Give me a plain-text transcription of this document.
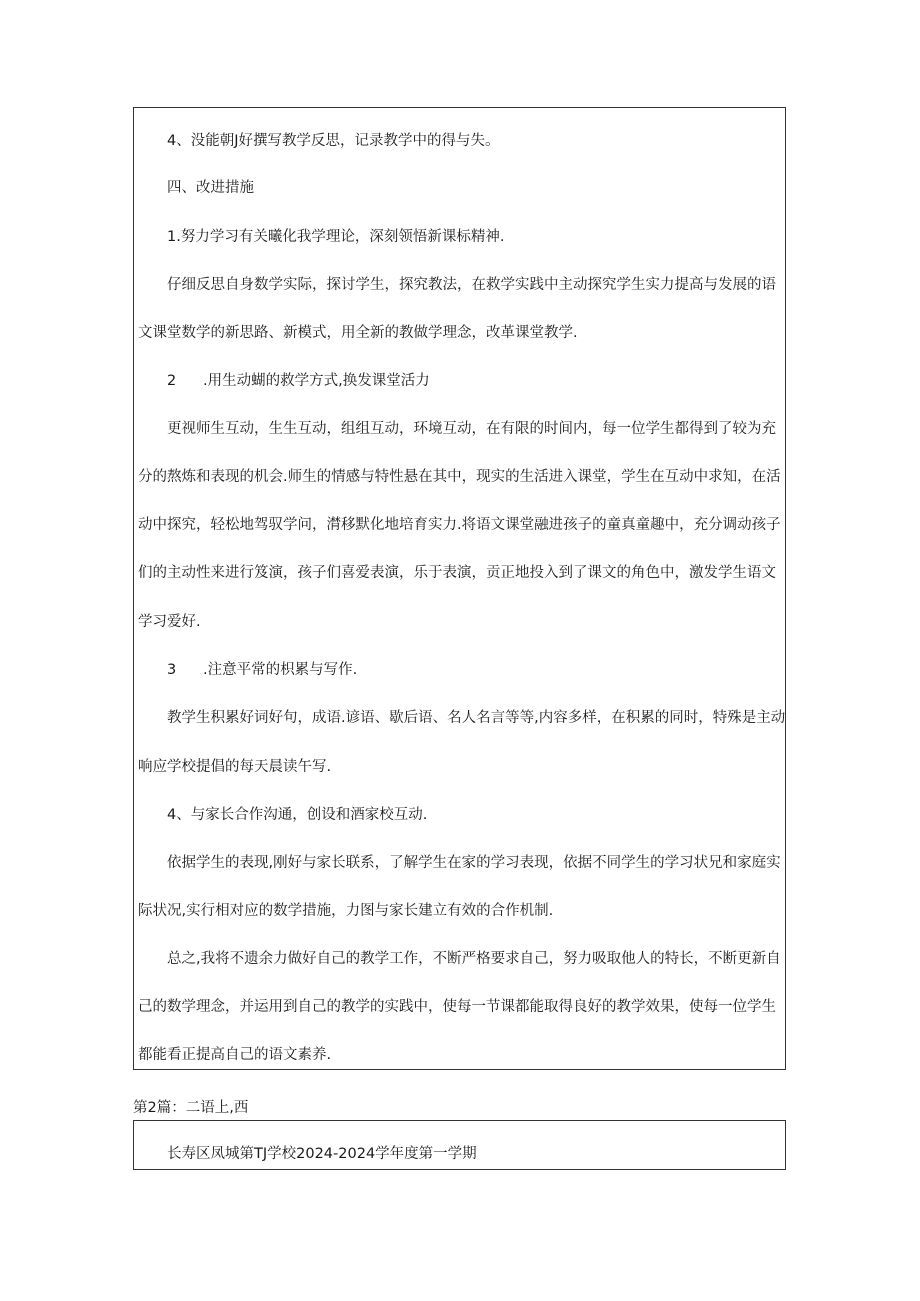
4、没能朝J好撰写教学反思，记录教学中的得与失。
四、改进措施
1.努力学习有关曦化我学理论，深刻领悟新课标精神.
仔细反思自身数学实际，探讨学生，探究教法，在救学实践中主动探究学生实力提高与发展的语
文课堂数学的新思路、新模式，用全新的教做学理念，改革课堂教学.
2 .用生动蝴的救学方式,换发课堂活力
更视师生互动，生生互动，组组互动，环境互动，在有限的时间内，每一位学生都得到了较为充
分的熬炼和表现的机会.师生的情感与特性悬在其中，现实的生活进入课堂，学生在互动中求知，在活
动中探究，轻松地驾驭学问，潸移默化地培育实力.将语文课堂融进孩子的童真童趣中，充分调动孩子
们的主动性来进行笈演，孩子们喜爱表演，乐于表演，贡正地投入到了课文的角色中，激发学生语文
学习爱好.
3 .注意平常的枳累与写作.
教学生积累好词好句，成语.谚语、歇后语、名人名言等等,内容多样，在积累的同时，特殊是主动
响应学校提倡的每天晨读午写.
4、与家长合作沟通，创设和酒家校互动.
依据学生的表现,刚好与家长联系，了解学生在家的学习表现，依据不同学生的学习状兄和家庭实
际状况,实行相对应的数学措施，力图与家长建立有效的合作机制.
总之,我将不遗余力做好自己的教学工作，不断严格要求自己，努力吸取他人的特长，不断更新自
己的数学理念，并运用到自己的教学的实践中，使每一节课都能取得良好的教学效果，使每一位学生
都能看正提高自己的语文素养.
第2篇：二语上,西
长寿区凤城第TJ学校2024-2024学年度第一学期
